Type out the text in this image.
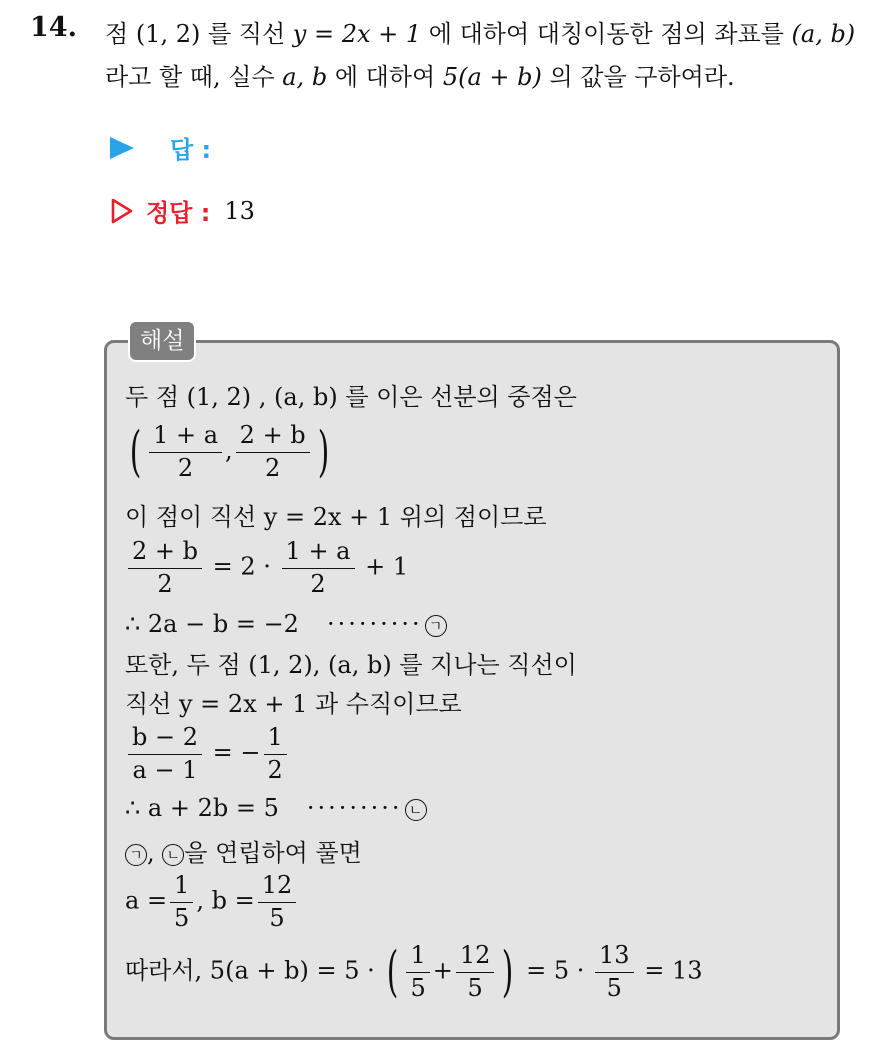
14. 점 (1, 2) 를 직선 y = 2x + 1 에 대하여 대칭이동한 점의 좌표를 (a, b)
라고 할 때, 실수 a, b 에 대하여 5(a + b) 의 값을 구하여라.
답 :
정답 : 13
해설
두 점 (1, 2) , (a, b) 를 이은 선분의 중점은
( $\frac{1 + a}{2}$ , $\frac{2 + b}{2}$ )
이 점이 직선 y = 2x + 1 위의 점이므로
$\frac{2 + b}{2} = 2 \cdot \frac{1 + a}{2} + 1$
∴ 2a − b = −2 ········· ㄱ
또한, 두 점 (1, 2), (a, b) 를 지나는 직선이
직선 y = 2x + 1 과 수직이므로
$\frac{b - 2}{a - 1}$ = − $\frac{1}{2}$
∴ a + 2b = 5 ········· ㄴ
ㄱ , ㄴ 을 연립하여 풀면
$a = \frac{1}{5}$ , $b = \frac{12}{5}$
따라서, 5(a + b) = 5 · ( $\frac{1}{5} + \frac{12}{5}$ ) = $5 \cdot \frac{13}{5} = 13$
